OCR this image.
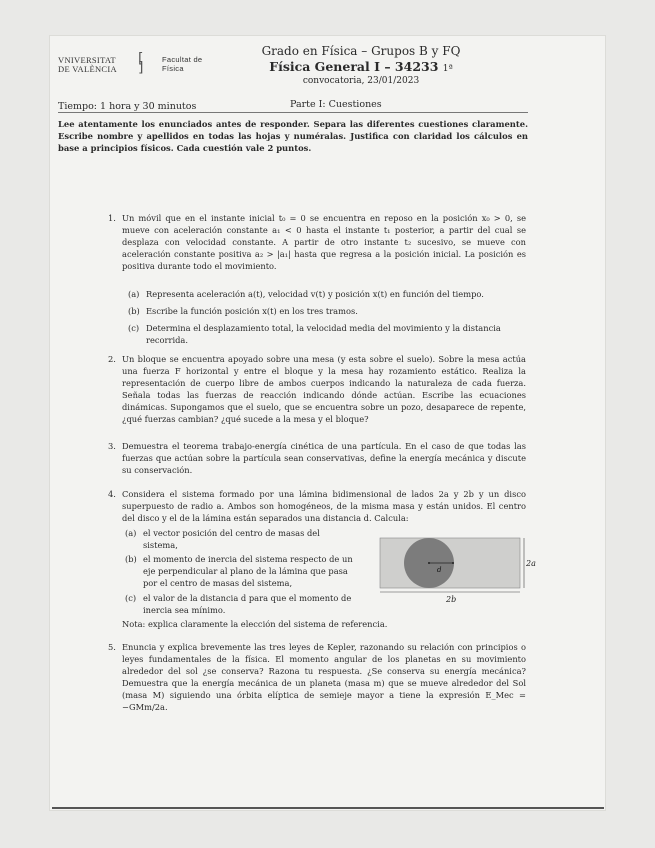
VNIVERSITAT
DE VALÈNCIA
[ ]
Facultat de
Física
Grado en Física – Grupos B y FQ
Física General I – 34233 1ª
convocatoria, 23/01/2023
Tiempo: 1 hora y 30 minutos	Parte I: Cuestiones
Lee atentamente los enunciados antes de responder. Separa las diferentes cuestiones claramente. Escribe nombre y apellidos en todas las hojas y numéralas. Justifica con claridad los cálculos en base a principios físicos. Cada cuestión vale 2 puntos.
1. Un móvil que en el instante inicial t₀ = 0 se encuentra en reposo en la posición x₀ > 0, se mueve con aceleración constante a₁ < 0 hasta el instante t₁ posterior, a partir del cual se desplaza con velocidad constante. A partir de otro instante t₂ sucesivo, se mueve con aceleración constante positiva a₂ > |a₁| hasta que regresa a la posición inicial. La posición es positiva durante todo el movimiento.
(a) Representa aceleración a(t), velocidad v(t) y posición x(t) en función del tiempo.
(b) Escribe la función posición x(t) en los tres tramos.
(c) Determina el desplazamiento total, la velocidad media del movimiento y la distancia recorrida.
2. Un bloque se encuentra apoyado sobre una mesa (y esta sobre el suelo). Sobre la mesa actúa una fuerza F horizontal y entre el bloque y la mesa hay rozamiento estático. Realiza la representación de cuerpo libre de ambos cuerpos indicando la naturaleza de cada fuerza. Señala todas las fuerzas de reacción indicando dónde actúan. Escribe las ecuaciones dinámicas. Supongamos que el suelo, que se encuentra sobre un pozo, desaparece de repente, ¿qué fuerzas cambian? ¿qué sucede a la mesa y el bloque?
3. Demuestra el teorema trabajo-energía cinética de una partícula. En el caso de que todas las fuerzas que actúan sobre la partícula sean conservativas, define la energía mecánica y discute su conservación.
4. Considera el sistema formado por una lámina bidimensional de lados 2a y 2b y un disco superpuesto de radio a. Ambos son homogéneos, de la misma masa y están unidos. El centro del disco y el de la lámina están separados una distancia d. Calcula:
(a) el vector posición del centro de masas del sistema,
(b) el momento de inercia del sistema respecto de un eje perpendicular al plano de la lámina que pasa por el centro de masas del sistema,
(c) el valor de la distancia d para que el momento de inercia sea mínimo.
Nota: explica claramente la elección del sistema de referencia.
d
2a
2b
5. Enuncia y explica brevemente las tres leyes de Kepler, razonando su relación con principios o leyes fundamentales de la física. El momento angular de los planetas en su movimiento alrededor del sol ¿se conserva? Razona tu respuesta. ¿Se conserva su energía mecánica? Demuestra que la energía mecánica de un planeta (masa m) que se mueve alrededor del Sol (masa M) siguiendo una órbita elíptica de semieje mayor a tiene la expresión E_Mec = −GMm/2a.
